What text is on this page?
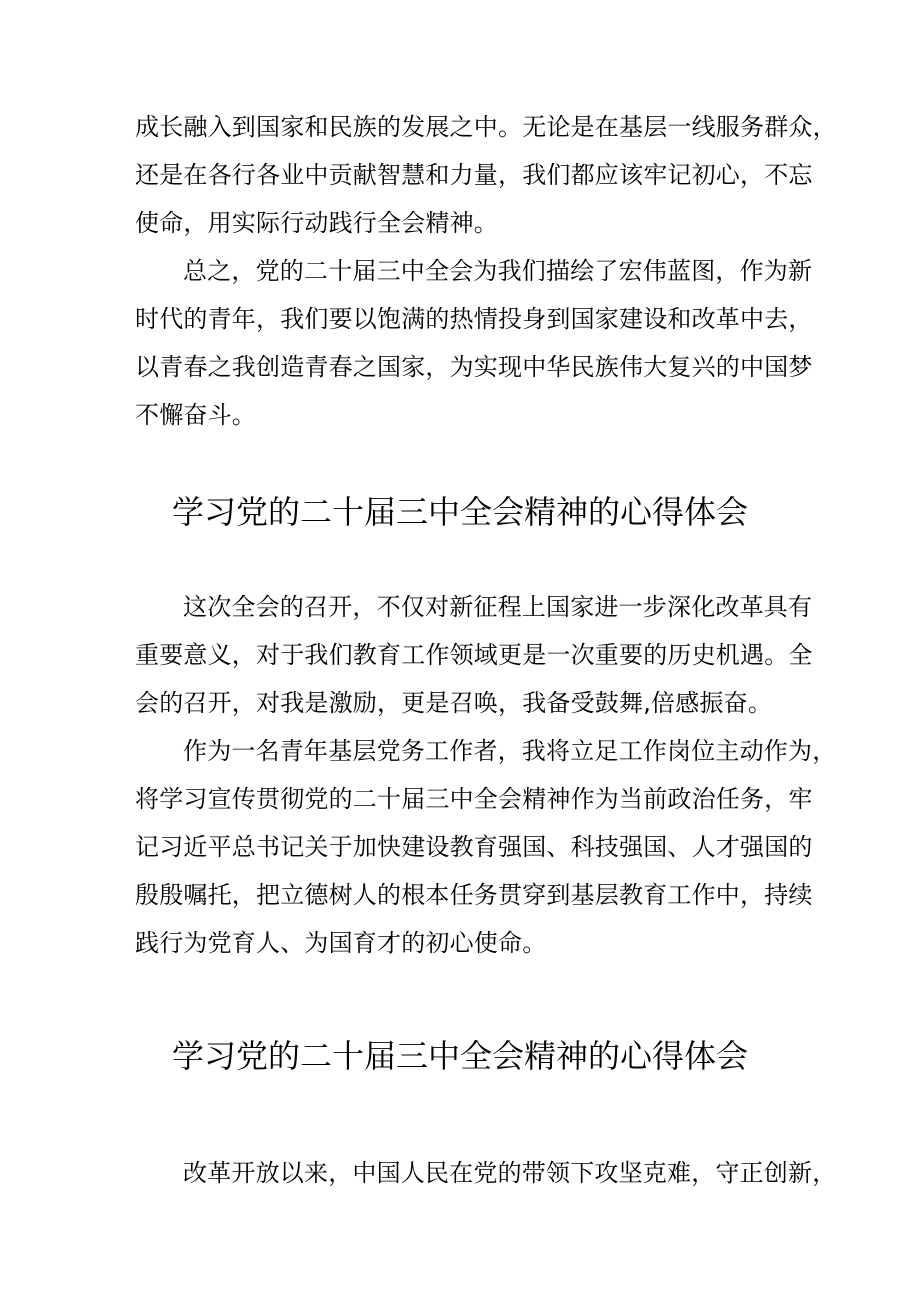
成长融入到国家和民族的发展之中。无论是在基层一线服务群众，
还是在各行各业中贡献智慧和力量，我们都应该牢记初心，不忘
使命，用实际行动践行全会精神。
总之，党的二十届三中全会为我们描绘了宏伟蓝图，作为新
时代的青年，我们要以饱满的热情投身到国家建设和改革中去，
以青春之我创造青春之国家，为实现中华民族伟大复兴的中国梦
不懈奋斗。
学习党的二十届三中全会精神的心得体会
这次全会的召开，不仅对新征程上国家进一步深化改革具有
重要意义，对于我们教育工作领域更是一次重要的历史机遇。全
会的召开，对我是激励，更是召唤，我备受鼓舞,倍感振奋。
作为一名青年基层党务工作者，我将立足工作岗位主动作为，
将学习宣传贯彻党的二十届三中全会精神作为当前政治任务，牢
记习近平总书记关于加快建设教育强国、科技强国、人才强国的
殷殷嘱托，把立德树人的根本任务贯穿到基层教育工作中，持续
践行为党育人、为国育才的初心使命。
学习党的二十届三中全会精神的心得体会
改革开放以来，中国人民在党的带领下攻坚克难，守正创新，
